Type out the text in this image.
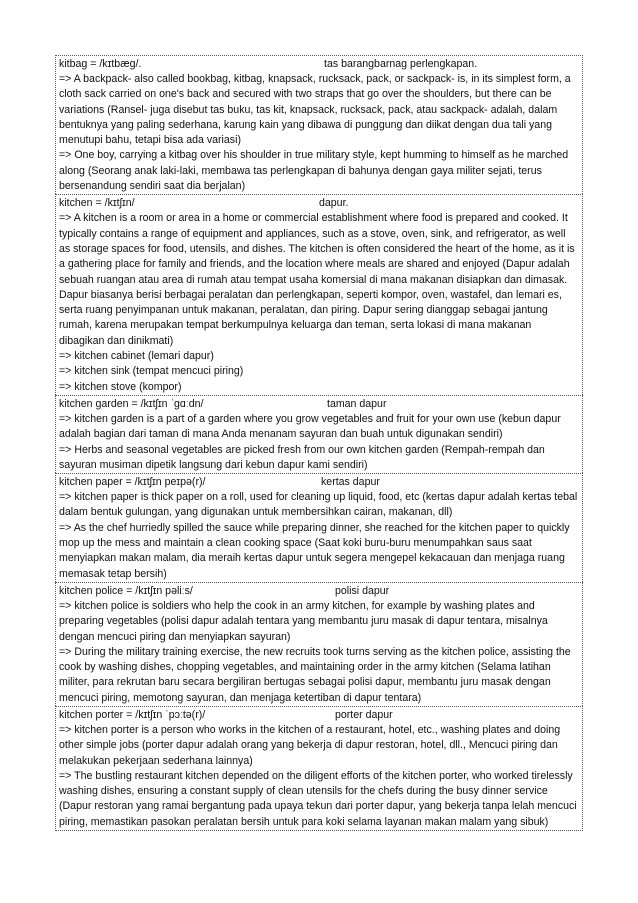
kitbag = /kɪtbæɡ/.	tas barangbarnag perlengkapan.

=> A backpack- also called bookbag, kitbag, knapsack, rucksack, pack, or sackpack- is, in its simplest form, a cloth sack carried on one's back and secured with two straps that go over the shoulders, but there can be variations (Ransel- juga disebut tas buku, tas kit, knapsack, rucksack, pack, atau sackpack- adalah, dalam bentuknya yang paling sederhana, karung kain yang dibawa di punggung dan diikat dengan dua tali yang menutupi bahu, tetapi bisa ada variasi)

=> One boy, carrying a kitbag over his shoulder in true military style, kept humming to himself as he marched along (Seorang anak laki-laki, membawa tas perlengkapan di bahunya dengan gaya militer sejati, terus bersenandung sendiri saat dia berjalan)

kitchen = /kɪtʃɪn/	dapur.

=> A kitchen is a room or area in a home or commercial establishment where food is prepared and cooked. It typically contains a range of equipment and appliances, such as a stove, oven, sink, and refrigerator, as well as storage spaces for food, utensils, and dishes. The kitchen is often considered the heart of the home, as it is a gathering place for family and friends, and the location where meals are shared and enjoyed (Dapur adalah sebuah ruangan atau area di rumah atau tempat usaha komersial di mana makanan disiapkan dan dimasak. Dapur biasanya berisi berbagai peralatan dan perlengkapan, seperti kompor, oven, wastafel, dan lemari es, serta ruang penyimpanan untuk makanan, peralatan, dan piring. Dapur sering dianggap sebagai jantung rumah, karena merupakan tempat berkumpulnya keluarga dan teman, serta lokasi di mana makanan dibagikan dan dinikmati)

=> kitchen cabinet (lemari dapur)

=> kitchen sink (tempat mencuci piring)

=> kitchen stove (kompor)

kitchen garden = /kɪtʃɪn ˈɡɑːdn/	taman dapur

=> kitchen garden is a part of a garden where you grow vegetables and fruit for your own use (kebun dapur adalah bagian dari taman di mana Anda menanam sayuran dan buah untuk digunakan sendiri)

=> Herbs and seasonal vegetables are picked fresh from our own kitchen garden (Rempah-rempah dan sayuran musiman dipetik langsung dari kebun dapur kami sendiri)

kitchen paper = /kɪtʃɪn peɪpə(r)/	kertas dapur

=> kitchen paper is thick paper on a roll, used for cleaning up liquid, food, etc (kertas dapur adalah kertas tebal dalam bentuk gulungan, yang digunakan untuk membersihkan cairan, makanan, dll)

=> As the chef hurriedly spilled the sauce while preparing dinner, she reached for the kitchen paper to quickly mop up the mess and maintain a clean cooking space (Saat koki buru-buru menumpahkan saus saat menyiapkan makan malam, dia meraih kertas dapur untuk segera mengepel kekacauan dan menjaga ruang memasak tetap bersih)

kitchen police = /kɪtʃɪn pəliːs/	polisi dapur

=> kitchen police is soldiers who help the cook in an army kitchen, for example by washing plates and preparing vegetables (polisi dapur adalah tentara yang membantu juru masak di dapur tentara, misalnya dengan mencuci piring dan menyiapkan sayuran)

=> During the military training exercise, the new recruits took turns serving as the kitchen police, assisting the cook by washing dishes, chopping vegetables, and maintaining order in the army kitchen (Selama latihan militer, para rekrutan baru secara bergiliran bertugas sebagai polisi dapur, membantu juru masak dengan mencuci piring, memotong sayuran, dan menjaga ketertiban di dapur tentara)

kitchen porter = /kɪtʃɪn ˈpɔːtə(r)/	porter dapur

=> kitchen porter is a person who works in the kitchen of a restaurant, hotel, etc., washing plates and doing other simple jobs (porter dapur adalah orang yang bekerja di dapur restoran, hotel, dll., Mencuci piring dan melakukan pekerjaan sederhana lainnya)

=> The bustling restaurant kitchen depended on the diligent efforts of the kitchen porter, who worked tirelessly washing dishes, ensuring a constant supply of clean utensils for the chefs during the busy dinner service (Dapur restoran yang ramai bergantung pada upaya tekun dari porter dapur, yang bekerja tanpa lelah mencuci piring, memastikan pasokan peralatan bersih untuk para koki selama layanan makan malam yang sibuk)
